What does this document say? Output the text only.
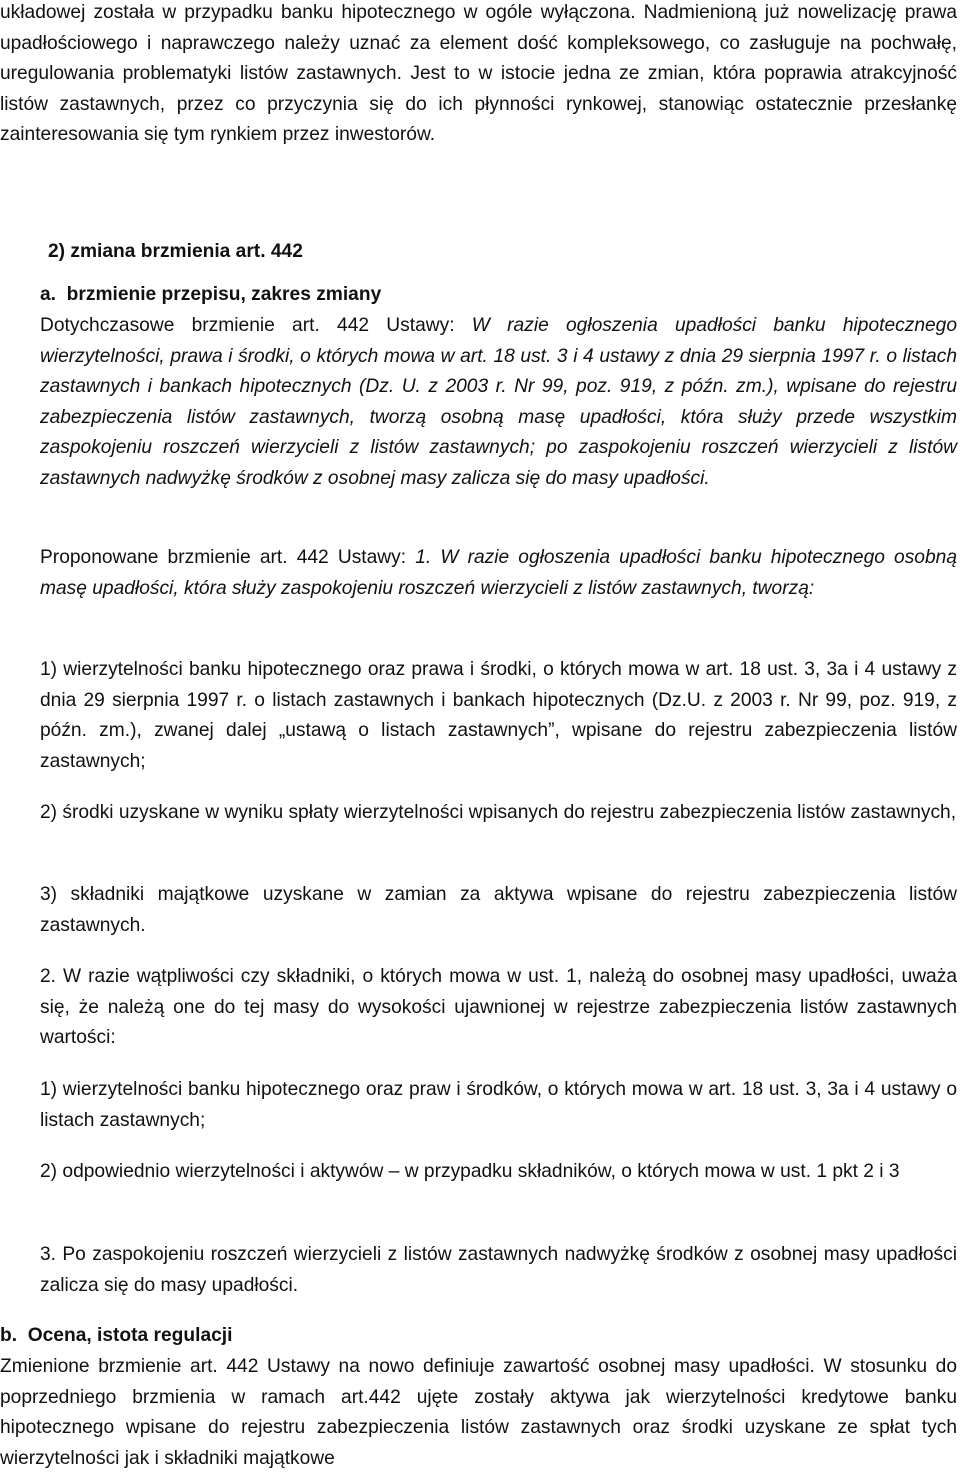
układowej została w przypadku banku hipotecznego w ogóle wyłączona. Nadmienioną już nowelizację prawa upadłościowego i naprawczego należy uznać za element dość kompleksowego, co zasługuje na pochwałę, uregulowania problematyki listów zastawnych. Jest to w istocie jedna ze zmian, która poprawia atrakcyjność listów zastawnych, przez co przyczynia się do ich płynności rynkowej, stanowiąc ostatecznie przesłankę zainteresowania się tym rynkiem przez inwestorów.

2) zmiana brzmienia art. 442

a.  brzmienie przepisu, zakres zmiany

Dotychczasowe brzmienie art. 442 Ustawy: W razie ogłoszenia upadłości banku hipotecznego wierzytelności, prawa i środki, o których mowa w art. 18 ust. 3 i 4 ustawy z dnia 29 sierpnia 1997 r. o listach zastawnych i bankach hipotecznych (Dz. U. z 2003 r. Nr 99, poz. 919, z późn. zm.), wpisane do rejestru zabezpieczenia listów zastawnych, tworzą osobną masę upadłości, która służy przede wszystkim zaspokojeniu roszczeń wierzycieli z listów zastawnych; po zaspokojeniu roszczeń wierzycieli z listów zastawnych nadwyżkę środków z osobnej masy zalicza się do masy upadłości.

Proponowane brzmienie art. 442 Ustawy: 1. W razie ogłoszenia upadłości banku hipotecznego osobną masę upadłości, która służy zaspokojeniu roszczeń wierzycieli z listów zastawnych, tworzą:

1) wierzytelności banku hipotecznego oraz prawa i środki, o których mowa w art. 18 ust. 3, 3a i 4 ustawy z dnia 29 sierpnia 1997 r. o listach zastawnych i bankach hipotecznych (Dz.U. z 2003 r. Nr 99, poz. 919, z późn. zm.), zwanej dalej „ustawą o listach zastawnych”, wpisane do rejestru zabezpieczenia listów zastawnych;

2) środki uzyskane w wyniku spłaty wierzytelności wpisanych do rejestru zabezpieczenia listów zastawnych,

3) składniki majątkowe uzyskane w zamian za aktywa wpisane do rejestru zabezpieczenia listów zastawnych.

2. W razie wątpliwości czy składniki, o których mowa w ust. 1, należą do osobnej masy upadłości, uważa się, że należą one do tej masy do wysokości ujawnionej w rejestrze zabezpieczenia listów zastawnych wartości:

1) wierzytelności banku hipotecznego oraz praw i środków, o których mowa w art. 18 ust. 3, 3a i 4 ustawy o listach zastawnych;

2) odpowiednio wierzytelności i aktywów – w przypadku składników, o których mowa w ust. 1 pkt 2 i 3

3. Po zaspokojeniu roszczeń wierzycieli z listów zastawnych nadwyżkę środków z osobnej masy upadłości zalicza się do masy upadłości.

b.  Ocena, istota regulacji

Zmienione brzmienie art. 442 Ustawy na nowo definiuje zawartość osobnej masy upadłości. W stosunku do poprzedniego brzmienia w ramach art.442 ujęte zostały aktywa jak wierzytelności kredytowe banku hipotecznego wpisane do rejestru zabezpieczenia listów zastawnych oraz środki uzyskane ze spłat tych wierzytelności jak i składniki majątkowe
